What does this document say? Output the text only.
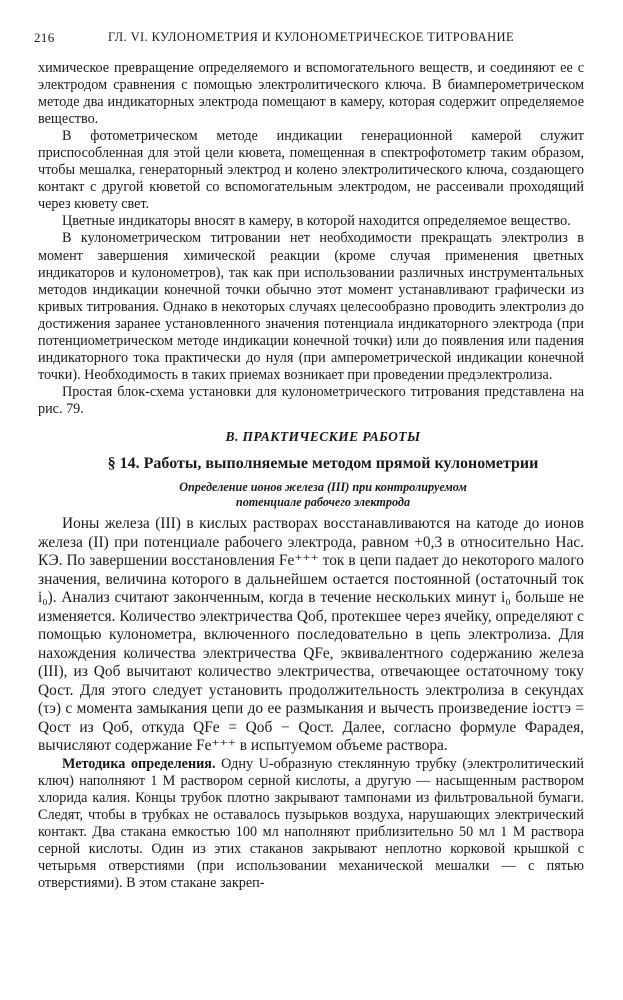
216	ГЛ. VI. КУЛОНОМЕТРИЯ И КУЛОНОМЕТРИЧЕСКОЕ ТИТРОВАНИЕ

химическое превращение определяемого и вспомогательного веществ, и соединяют ее с электродом сравнения с помощью электролитического ключа. В биамперометрическом методе два индикаторных электрода помещают в камеру, которая содержит определяемое вещество.

В фотометрическом методе индикации генерационной камерой служит приспособленная для этой цели кювета, помещенная в спектрофотометр таким образом, чтобы мешалка, генераторный электрод и колено электролитического ключа, создающего контакт с другой кюветой со вспомогательным электродом, не рассеивали проходящий через кювету свет.

Цветные индикаторы вносят в камеру, в которой находится определяемое вещество.

В кулонометрическом титровании нет необходимости прекращать электролиз в момент завершения химической реакции (кроме случая применения цветных индикаторов и кулонометров), так как при использовании различных инструментальных методов индикации конечной точки обычно этот момент устанавливают графически из кривых титрования. Однако в некоторых случаях целесообразно проводить электролиз до достижения заранее установленного значения потенциала индикаторного электрода (при потенциометрическом методе индикации конечной точки) или до появления или падения индикаторного тока практически до нуля (при амперометрической индикации конечной точки). Необходимость в таких приемах возникает при проведении предэлектролиза.

Простая блок-схема установки для кулонометрического титрования представлена на рис. 79.

В. ПРАКТИЧЕСКИЕ РАБОТЫ

§ 14. Работы, выполняемые методом прямой кулонометрии

Определение ионов железа (III) при контролируемом

потенциале рабочего электрода

Ионы железа (III) в кислых растворах восстанавливаются на катоде до ионов железа (II) при потенциале рабочего электрода, равном +0,3 в относительно Нас. КЭ. По завершении восстановления Fe⁺⁺⁺ ток в цепи падает до некоторого малого значения, величина которого в дальнейшем остается постоянной (остаточный ток i₀). Анализ считают законченным, когда в течение нескольких минут i₀ больше не изменяется. Количество электричества Qоб, протекшее через ячейку, определяют с помощью кулонометра, включенного последовательно в цепь электролиза. Для нахождения количества электричества QFe, эквивалентного содержанию железа (III), из Qоб вычитают количество электричества, отвечающее остаточному току Qост. Для этого следует установить продолжительность электролиза в секундах (τэ) с момента замыкания цепи до ее размыкания и вычесть произведение iостτэ = Qост из Qоб, откуда QFe = Qоб − Qост. Далее, согласно формуле Фарадея, вычисляют содержание Fe⁺⁺⁺ в испытуемом объеме раствора.

Методика определения. Одну U-образную стеклянную трубку (электролитический ключ) наполняют 1 М раствором серной кислоты, а другую — насыщенным раствором хлорида калия. Концы трубок плотно закрывают тампонами из фильтровальной бумаги. Следят, чтобы в трубках не оставалось пузырьков воздуха, нарушающих электрический контакт. Два стакана емкостью 100 мл наполняют приблизительно 50 мл 1 М раствора серной кислоты. Один из этих стаканов закрывают неплотно корковой крышкой с четырьмя отверстиями (при использовании механической мешалки — с пятью отверстиями). В этом стакане закреп-
